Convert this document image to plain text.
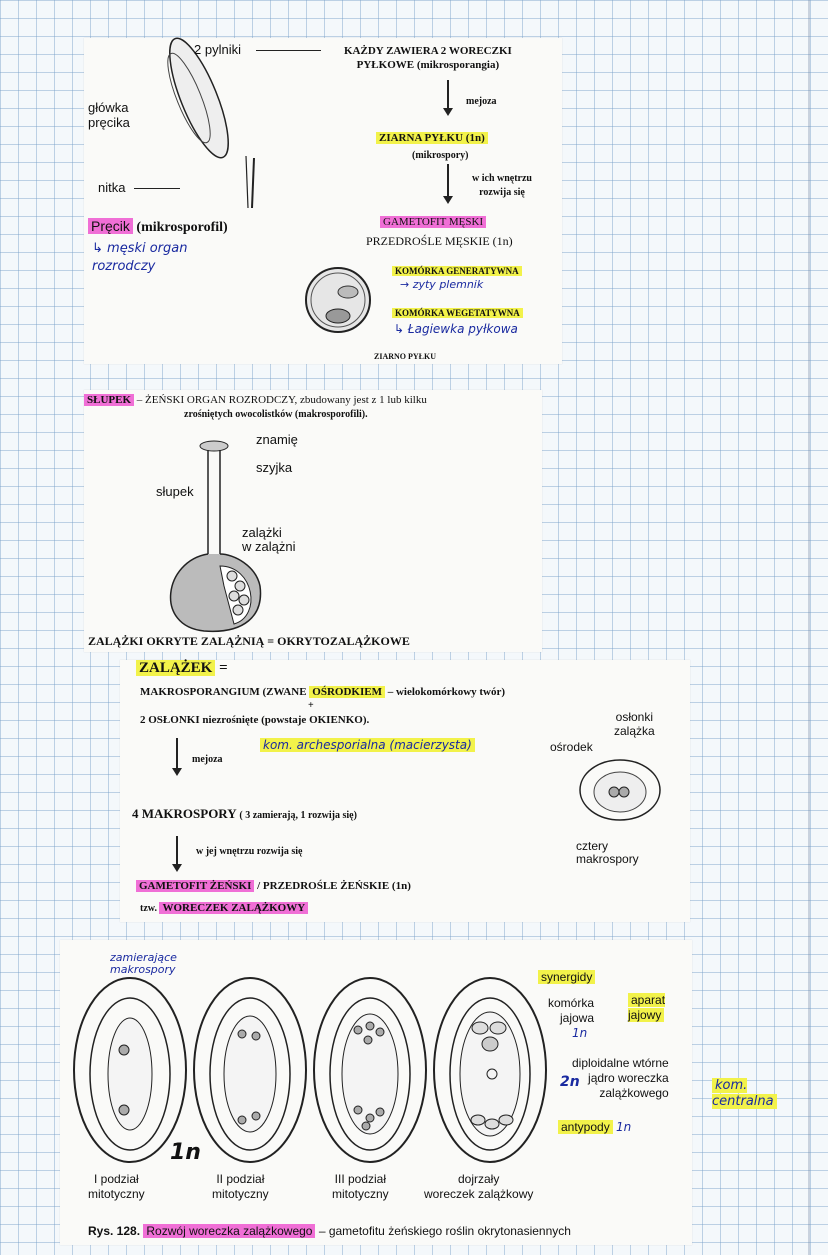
2 pylniki
główka
pręcika
nitka
Pręcik (mikrosporofil)
↳ męski organ
rozrodczy
KAŻDY ZAWIERA 2 WORECZKI
PYŁKOWE (mikrosporangia)
mejoza
ZIARNA PYŁKU (1n)
(mikrospory)
w ich wnętrzu
rozwija się
GAMETOFIT MĘSKI
PRZEDROŚLE MĘSKIE (1n)
KOMÓRKA GENERATYWNA
→ zyty plemnik
KOMÓRKA WEGETATYWNA
↳ Łagiewka pyłkowa
ZIARNO PYŁKU
SŁUPEK – ŻEŃSKI ORGAN ROZRODCZY, zbudowany jest z 1 lub kilku
zrośniętych owocolistków (makrosporofili).
znamię
szyjka
słupek
zalążki
w zalążni
ZALĄŻKI OKRYTE ZALĄŻNIĄ = OKRYTOZALĄŻKOWE
ZALĄŻEK =
MAKROSPORANGIUM (ZWANE OŚRODKIEM – wielokomórkowy twór)
+
2 OSŁONKI niezrośnięte (powstaje OKIENKO).	osłonki
zalążka
mejoza
kom. archesporialna (macierzysta)	ośrodek
4 MAKROSPORY ( 3 zamierają, 1 rozwija się)
cztery
makrospory
w jej wnętrzu rozwija się
GAMETOFIT ŻEŃSKI / PRZEDROŚLE ŻEŃSKIE (1n)
tzw. WORECZEK ZALĄŻKOWY
zamierające
makrospory
synergidy
komórka
jajowa
1n

aparat
jajowy

diploidalne wtórne
jądro woreczka
zalążkowego
2n
antypody 1n
1n
I podział
mitotyczny
II podział
mitotyczny
III podział
mitotyczny
dojrzały
woreczek zalążkowy
Rys. 128. Rozwój woreczka zalążkowego – gametofitu żeńskiego roślin okrytonasiennych

kom.
centralna
